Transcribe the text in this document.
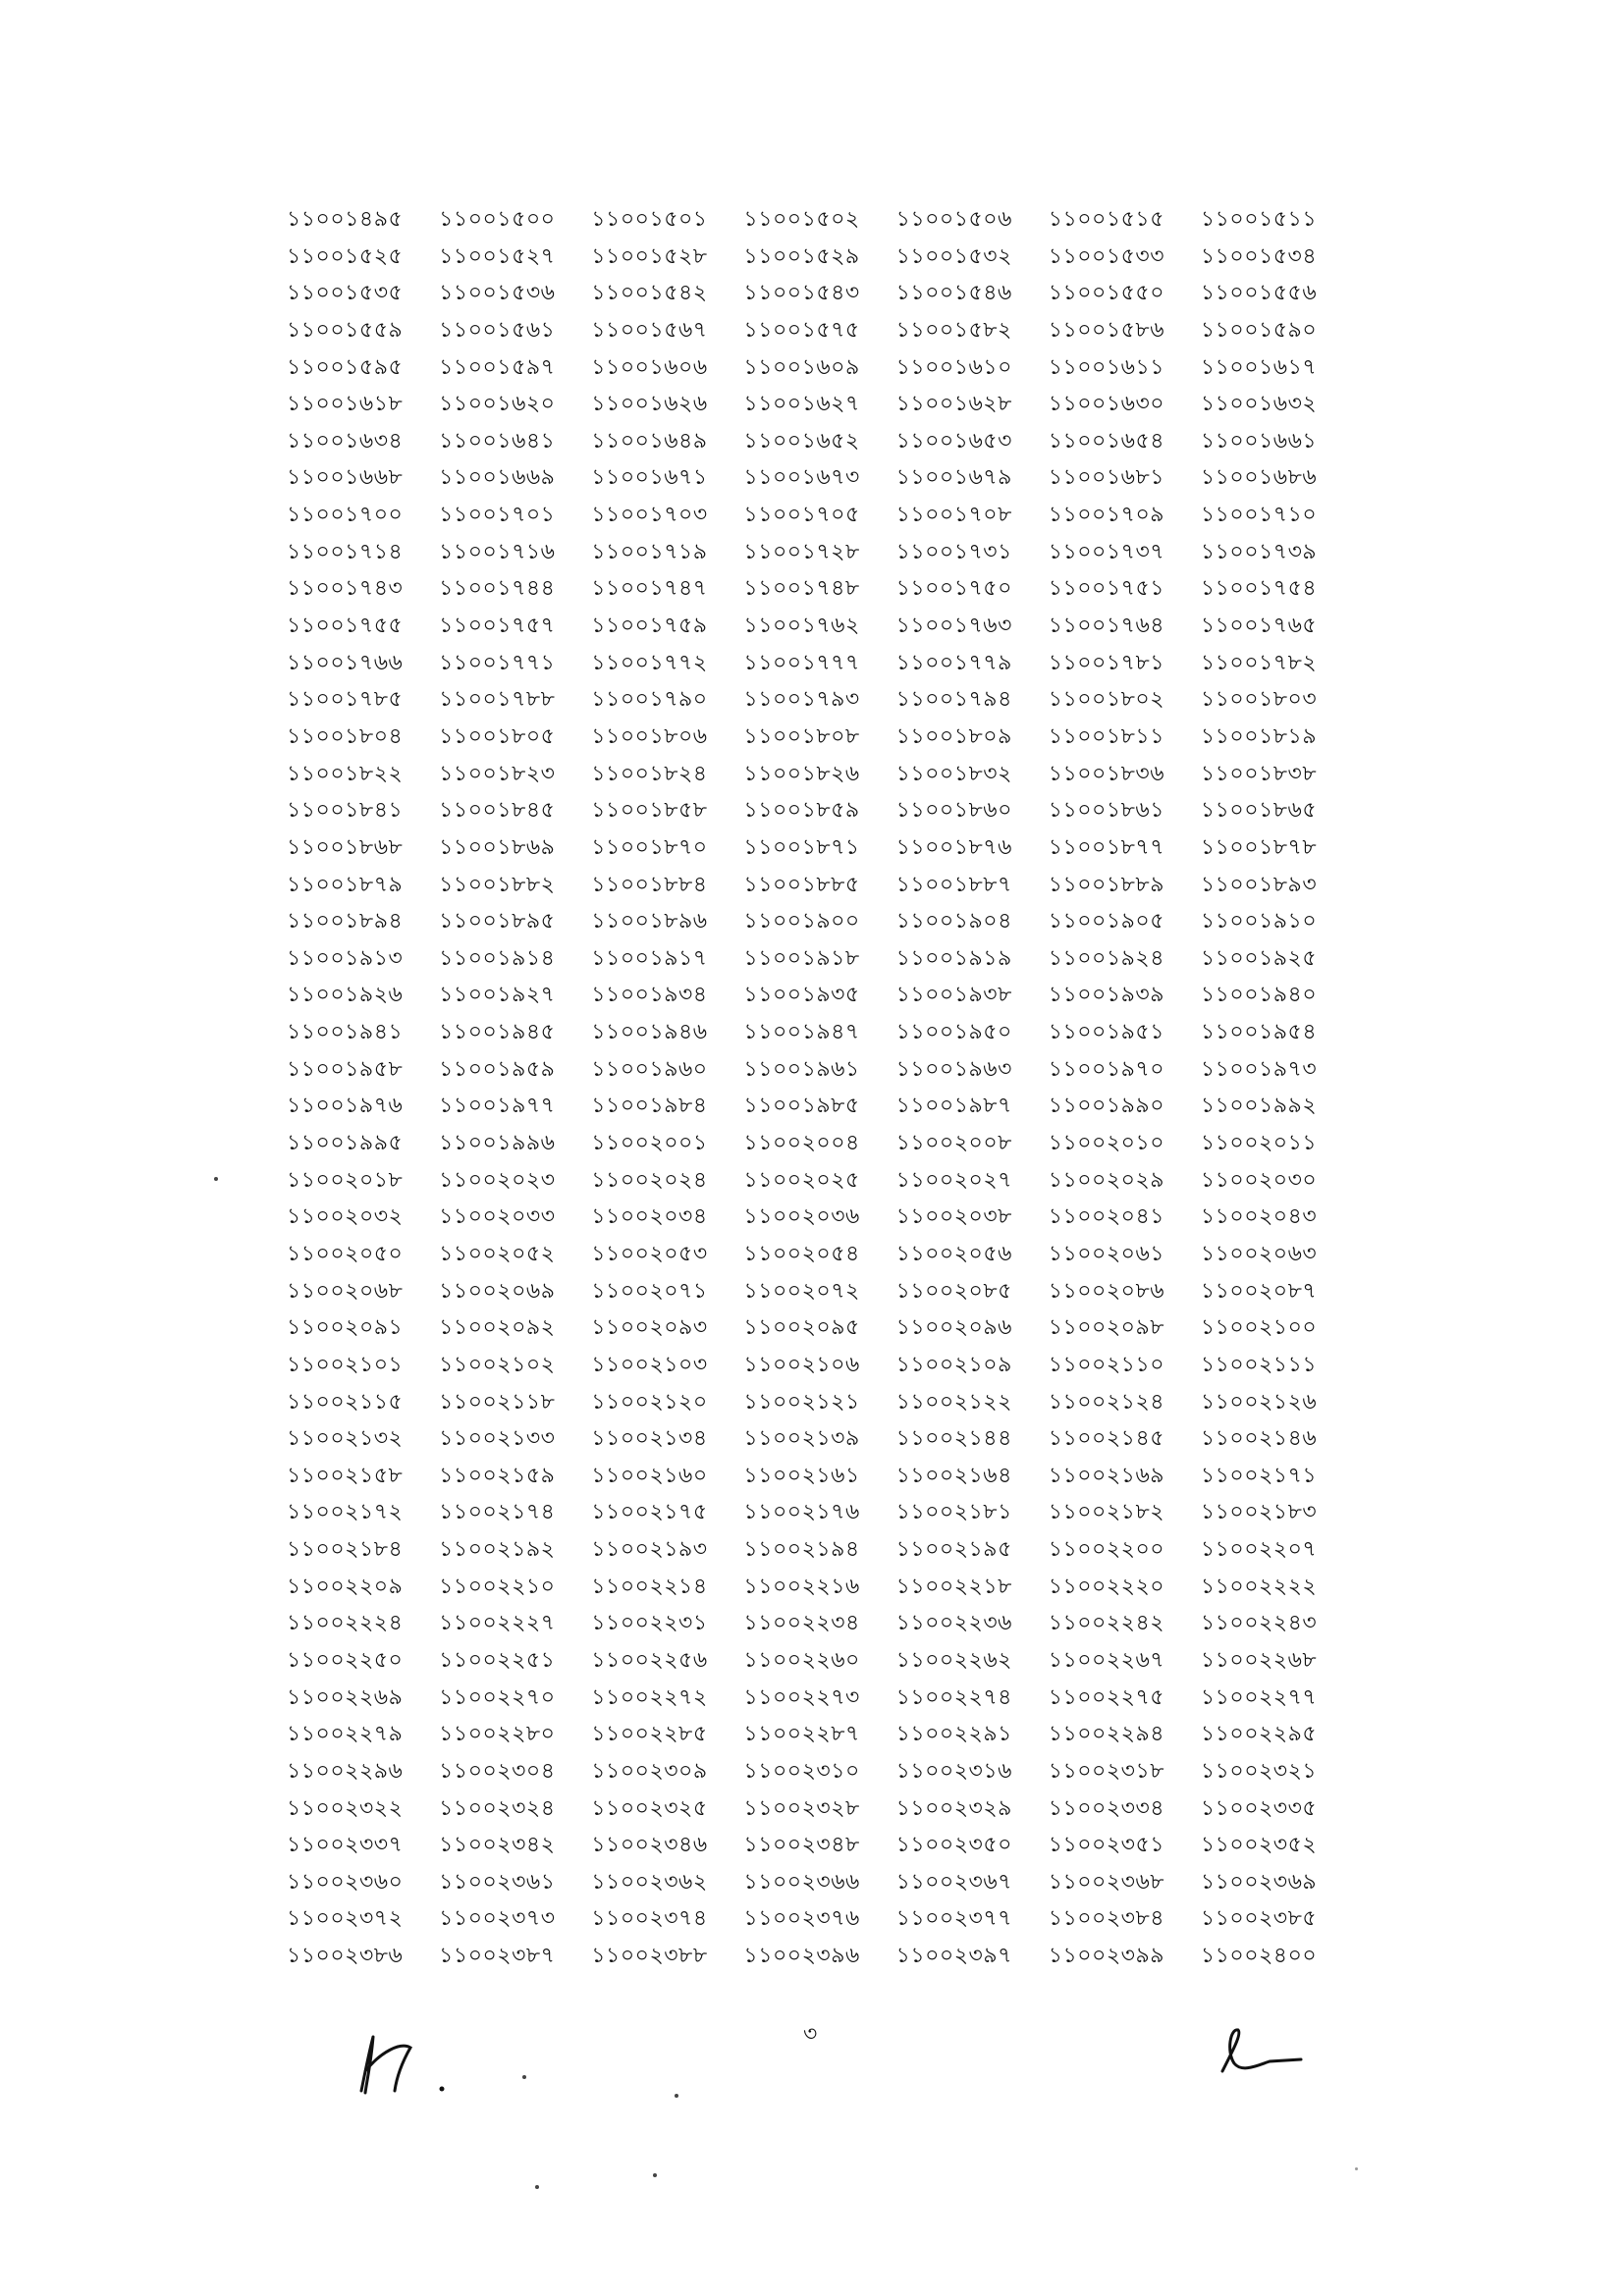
১১০০১৪৯৫	১১০০১৫০০	১১০০১৫০১	১১০০১৫০২	১১০০১৫০৬	১১০০১৫১৫	১১০০১৫১১
১১০০১৫২৫	১১০০১৫২৭	১১০০১৫২৮	১১০০১৫২৯	১১০০১৫৩২	১১০০১৫৩৩	১১০০১৫৩৪
১১০০১৫৩৫	১১০০১৫৩৬	১১০০১৫৪২	১১০০১৫৪৩	১১০০১৫৪৬	১১০০১৫৫০	১১০০১৫৫৬
১১০০১৫৫৯	১১০০১৫৬১	১১০০১৫৬৭	১১০০১৫৭৫	১১০০১৫৮২	১১০০১৫৮৬	১১০০১৫৯০
১১০০১৫৯৫	১১০০১৫৯৭	১১০০১৬০৬	১১০০১৬০৯	১১০০১৬১০	১১০০১৬১১	১১০০১৬১৭
১১০০১৬১৮	১১০০১৬২০	১১০০১৬২৬	১১০০১৬২৭	১১০০১৬২৮	১১০০১৬৩০	১১০০১৬৩২
১১০০১৬৩৪	১১০০১৬৪১	১১০০১৬৪৯	১১০০১৬৫২	১১০০১৬৫৩	১১০০১৬৫৪	১১০০১৬৬১
১১০০১৬৬৮	১১০০১৬৬৯	১১০০১৬৭১	১১০০১৬৭৩	১১০০১৬৭৯	১১০০১৬৮১	১১০০১৬৮৬
১১০০১৭০০	১১০০১৭০১	১১০০১৭০৩	১১০০১৭০৫	১১০০১৭০৮	১১০০১৭০৯	১১০০১৭১০
১১০০১৭১৪	১১০০১৭১৬	১১০০১৭১৯	১১০০১৭২৮	১১০০১৭৩১	১১০০১৭৩৭	১১০০১৭৩৯
১১০০১৭৪৩	১১০০১৭৪৪	১১০০১৭৪৭	১১০০১৭৪৮	১১০০১৭৫০	১১০০১৭৫১	১১০০১৭৫৪
১১০০১৭৫৫	১১০০১৭৫৭	১১০০১৭৫৯	১১০০১৭৬২	১১০০১৭৬৩	১১০০১৭৬৪	১১০০১৭৬৫
১১০০১৭৬৬	১১০০১৭৭১	১১০০১৭৭২	১১০০১৭৭৭	১১০০১৭৭৯	১১০০১৭৮১	১১০০১৭৮২
১১০০১৭৮৫	১১০০১৭৮৮	১১০০১৭৯০	১১০০১৭৯৩	১১০০১৭৯৪	১১০০১৮০২	১১০০১৮০৩
১১০০১৮০৪	১১০০১৮০৫	১১০০১৮০৬	১১০০১৮০৮	১১০০১৮০৯	১১০০১৮১১	১১০০১৮১৯
১১০০১৮২২	১১০০১৮২৩	১১০০১৮২৪	১১০০১৮২৬	১১০০১৮৩২	১১০০১৮৩৬	১১০০১৮৩৮
১১০০১৮৪১	১১০০১৮৪৫	১১০০১৮৫৮	১১০০১৮৫৯	১১০০১৮৬০	১১০০১৮৬১	১১০০১৮৬৫
১১০০১৮৬৮	১১০০১৮৬৯	১১০০১৮৭০	১১০০১৮৭১	১১০০১৮৭৬	১১০০১৮৭৭	১১০০১৮৭৮
১১০০১৮৭৯	১১০০১৮৮২	১১০০১৮৮৪	১১০০১৮৮৫	১১০০১৮৮৭	১১০০১৮৮৯	১১০০১৮৯৩
১১০০১৮৯৪	১১০০১৮৯৫	১১০০১৮৯৬	১১০০১৯০০	১১০০১৯০৪	১১০০১৯০৫	১১০০১৯১০
১১০০১৯১৩	১১০০১৯১৪	১১০০১৯১৭	১১০০১৯১৮	১১০০১৯১৯	১১০০১৯২৪	১১০০১৯২৫
১১০০১৯২৬	১১০০১৯২৭	১১০০১৯৩৪	১১০০১৯৩৫	১১০০১৯৩৮	১১০০১৯৩৯	১১০০১৯৪০
১১০০১৯৪১	১১০০১৯৪৫	১১০০১৯৪৬	১১০০১৯৪৭	১১০০১৯৫০	১১০০১৯৫১	১১০০১৯৫৪
১১০০১৯৫৮	১১০০১৯৫৯	১১০০১৯৬০	১১০০১৯৬১	১১০০১৯৬৩	১১০০১৯৭০	১১০০১৯৭৩
১১০০১৯৭৬	১১০০১৯৭৭	১১০০১৯৮৪	১১০০১৯৮৫	১১০০১৯৮৭	১১০০১৯৯০	১১০০১৯৯২
১১০০১৯৯৫	১১০০১৯৯৬	১১০০২০০১	১১০০২০০৪	১১০০২০০৮	১১০০২০১০	১১০০২০১১
১১০০২০১৮	১১০০২০২৩	১১০০২০২৪	১১০০২০২৫	১১০০২০২৭	১১০০২০২৯	১১০০২০৩০
১১০০২০৩২	১১০০২০৩৩	১১০০২০৩৪	১১০০২০৩৬	১১০০২০৩৮	১১০০২০৪১	১১০০২০৪৩
১১০০২০৫০	১১০০২০৫২	১১০০২০৫৩	১১০০২০৫৪	১১০০২০৫৬	১১০০২০৬১	১১০০২০৬৩
১১০০২০৬৮	১১০০২০৬৯	১১০০২০৭১	১১০০২০৭২	১১০০২০৮৫	১১০০২০৮৬	১১০০২০৮৭
১১০০২০৯১	১১০০২০৯২	১১০০২০৯৩	১১০০২০৯৫	১১০০২০৯৬	১১০০২০৯৮	১১০০২১০০
১১০০২১০১	১১০০২১০২	১১০০২১০৩	১১০০২১০৬	১১০০২১০৯	১১০০২১১০	১১০০২১১১
১১০০২১১৫	১১০০২১১৮	১১০০২১২০	১১০০২১২১	১১০০২১২২	১১০০২১২৪	১১০০২১২৬
১১০০২১৩২	১১০০২১৩৩	১১০০২১৩৪	১১০০২১৩৯	১১০০২১৪৪	১১০০২১৪৫	১১০০২১৪৬
১১০০২১৫৮	১১০০২১৫৯	১১০০২১৬০	১১০০২১৬১	১১০০২১৬৪	১১০০২১৬৯	১১০০২১৭১
১১০০২১৭২	১১০০২১৭৪	১১০০২১৭৫	১১০০২১৭৬	১১০০২১৮১	১১০০২১৮২	১১০০২১৮৩
১১০০২১৮৪	১১০০২১৯২	১১০০২১৯৩	১১০০২১৯৪	১১০০২১৯৫	১১০০২২০০	১১০০২২০৭
১১০০২২০৯	১১০০২২১০	১১০০২২১৪	১১০০২২১৬	১১০০২২১৮	১১০০২২২০	১১০০২২২২
১১০০২২২৪	১১০০২২২৭	১১০০২২৩১	১১০০২২৩৪	১১০০২২৩৬	১১০০২২৪২	১১০০২২৪৩
১১০০২২৫০	১১০০২২৫১	১১০০২২৫৬	১১০০২২৬০	১১০০২২৬২	১১০০২২৬৭	১১০০২২৬৮
১১০০২২৬৯	১১০০২২৭০	১১০০২২৭২	১১০০২২৭৩	১১০০২২৭৪	১১০০২২৭৫	১১০০২২৭৭
১১০০২২৭৯	১১০০২২৮০	১১০০২২৮৫	১১০০২২৮৭	১১০০২২৯১	১১০০২২৯৪	১১০০২২৯৫
১১০০২২৯৬	১১০০২৩০৪	১১০০২৩০৯	১১০০২৩১০	১১০০২৩১৬	১১০০২৩১৮	১১০০২৩২১
১১০০২৩২২	১১০০২৩২৪	১১০০২৩২৫	১১০০২৩২৮	১১০০২৩২৯	১১০০২৩৩৪	১১০০২৩৩৫
১১০০২৩৩৭	১১০০২৩৪২	১১০০২৩৪৬	১১০০২৩৪৮	১১০০২৩৫০	১১০০২৩৫১	১১০০২৩৫২
১১০০২৩৬০	১১০০২৩৬১	১১০০২৩৬২	১১০০২৩৬৬	১১০০২৩৬৭	১১০০২৩৬৮	১১০০২৩৬৯
১১০০২৩৭২	১১০০২৩৭৩	১১০০২৩৭৪	১১০০২৩৭৬	১১০০২৩৭৭	১১০০২৩৮৪	১১০০২৩৮৫
১১০০২৩৮৬	১১০০২৩৮৭	১১০০২৩৮৮	১১০০২৩৯৬	১১০০২৩৯৭	১১০০২৩৯৯	১১০০২৪০০
৩
